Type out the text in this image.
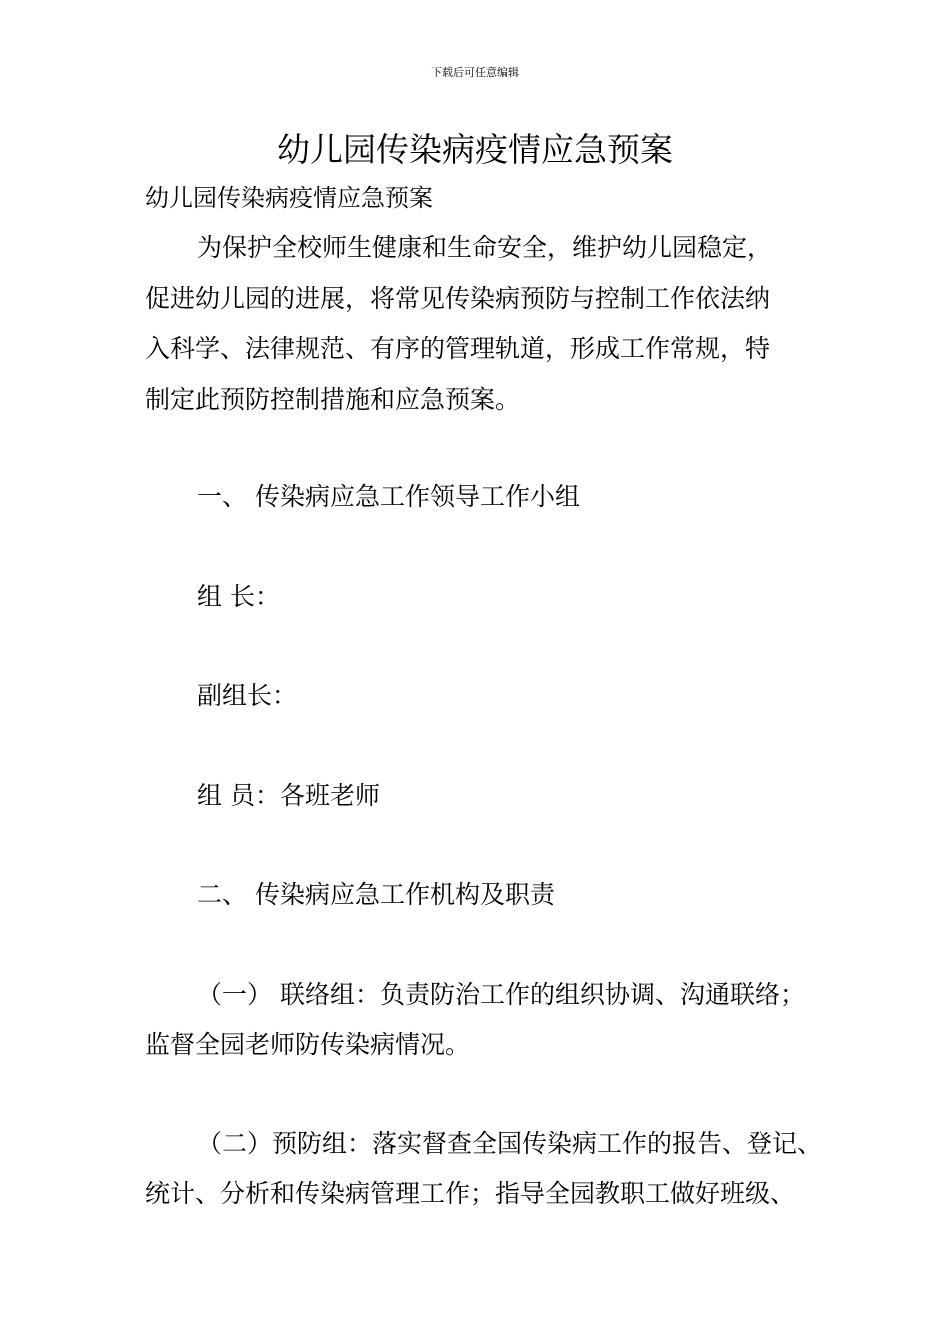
下载后可任意编辑
幼儿园传染病疫情应急预案
幼儿园传染病疫情应急预案
为保护全校师生健康和生命安全，维护幼儿园稳定，
促进幼儿园的进展，将常见传染病预防与控制工作依法纳
入科学、法律规范、有序的管理轨道，形成工作常规，特
制定此预防控制措施和应急预案。
一、 传染病应急工作领导工作小组
组 长：
副组长：
组 员：各班老师
二、 传染病应急工作机构及职责
（一） 联络组：负责防治工作的组织协调、沟通联络；
监督全园老师防传染病情况。
（二）预防组：落实督查全国传染病工作的报告、登记、
统计、分析和传染病管理工作；指导全园教职工做好班级、
